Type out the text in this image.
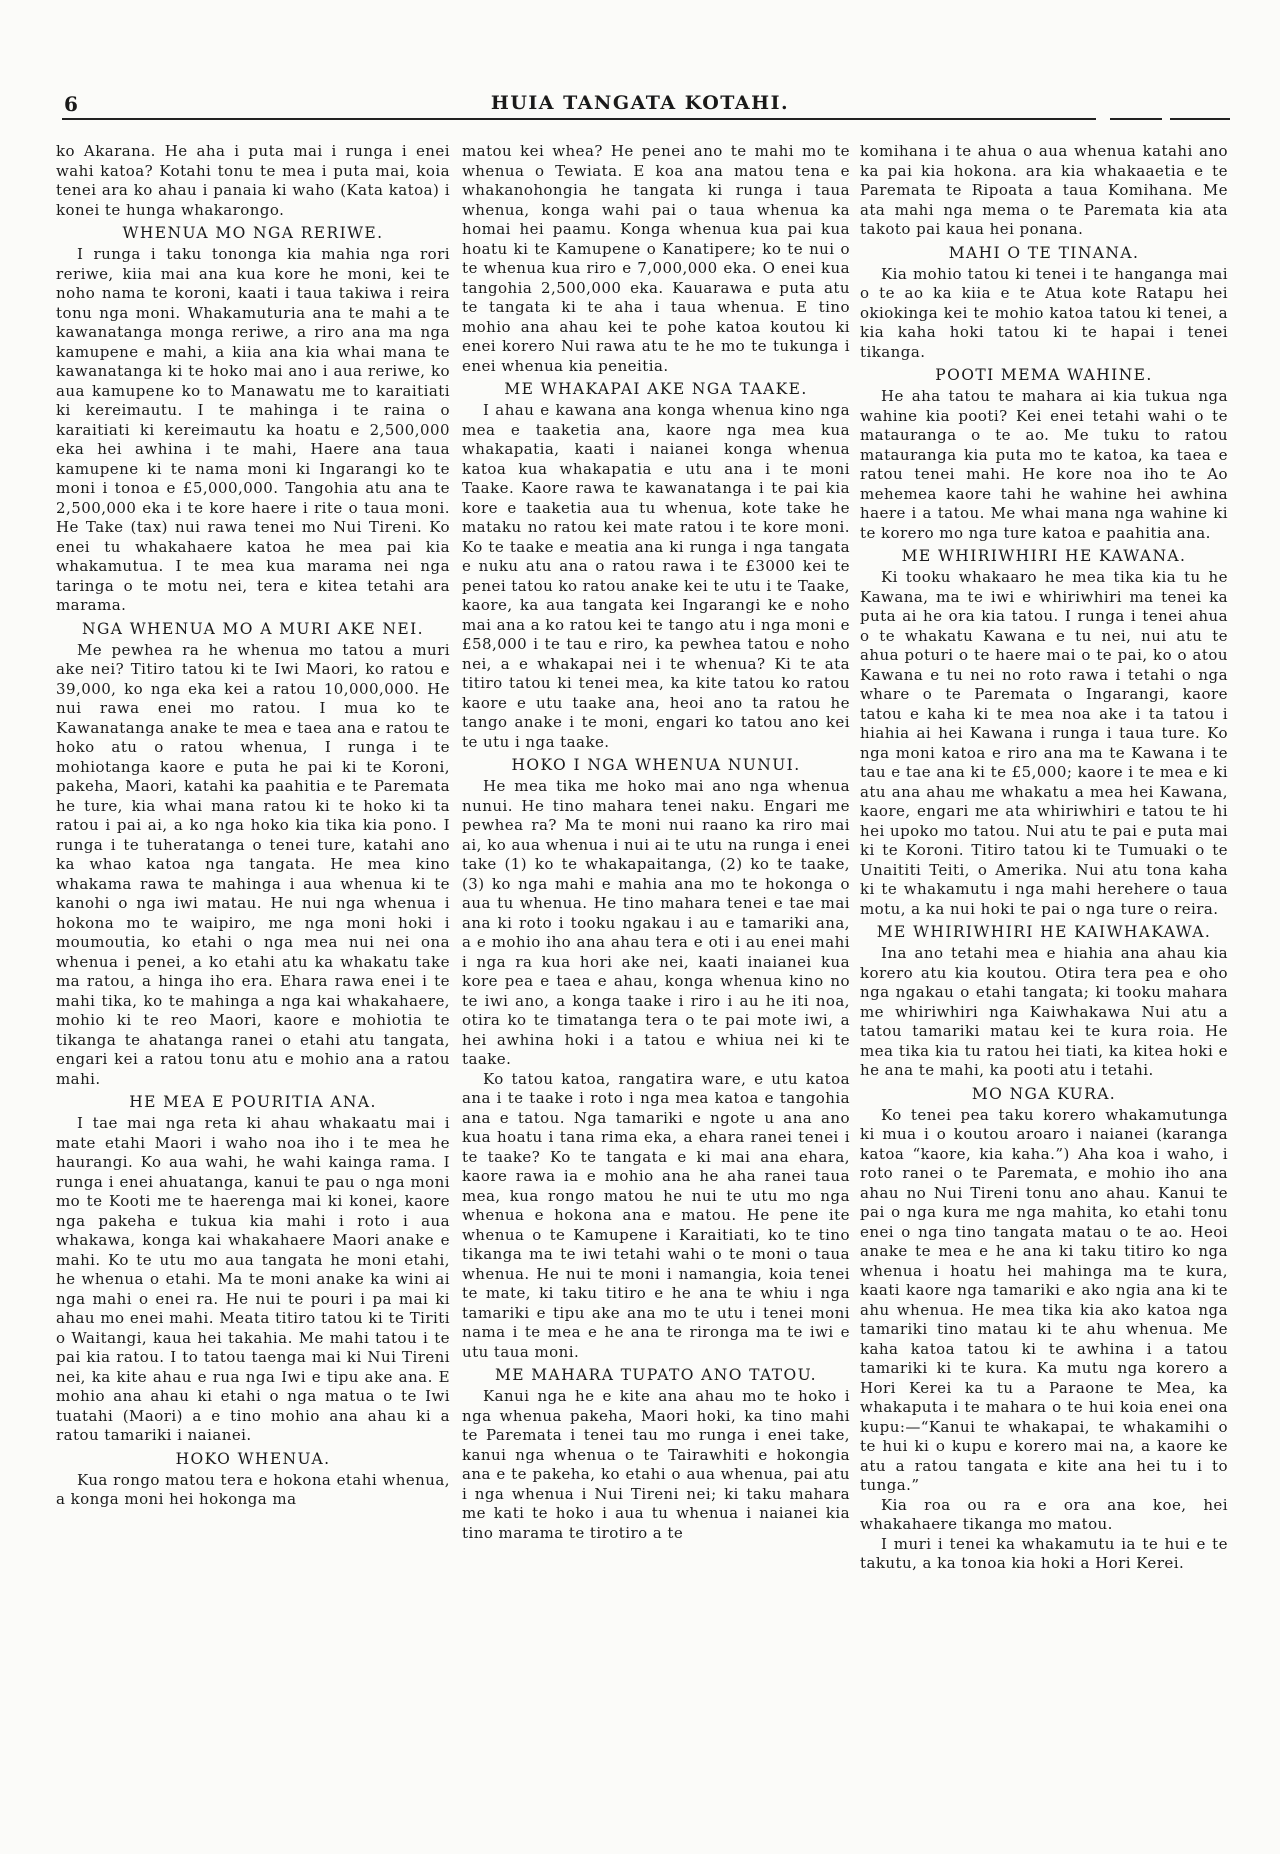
6	HUIA TANGATA KOTAHI.

ko Akarana. He aha i puta mai i runga i enei wahi katoa? Kotahi tonu te mea i puta mai, koia tenei ara ko ahau i panaia ki waho (Kata katoa) i konei te hunga whakarongo.

WHENUA MO NGA RERIWE.

I runga i taku tononga kia mahia nga rori reriwe, kiia mai ana kua kore he moni, kei te noho nama te koroni, kaati i taua takiwa i reira tonu nga moni. Whakamuturia ana te mahi a te kawanatanga monga reriwe, a riro ana ma nga kamupene e mahi, a kiia ana kia whai mana te kawanatanga ki te hoko mai ano i aua reriwe, ko aua kamupene ko to Manawatu me to karaitiati ki kereimautu. I te mahinga i te raina o karaitiati ki kereimautu ka hoatu e 2,500,000 eka hei awhina i te mahi, Haere ana taua kamupene ki te nama moni ki Ingarangi ko te moni i tonoa e £5,000,000. Tangohia atu ana te 2,500,000 eka i te kore haere i rite o taua moni. He Take (tax) nui rawa tenei mo Nui Tireni. Ko enei tu whakahaere katoa he mea pai kia whakamutua. I te mea kua marama nei nga taringa o te motu nei, tera e kitea tetahi ara marama.

NGA WHENUA MO A MURI AKE NEI.

Me pewhea ra he whenua mo tatou a muri ake nei? Titiro tatou ki te Iwi Maori, ko ratou e 39,000, ko nga eka kei a ratou 10,000,000. He nui rawa enei mo ratou. I mua ko te Kawanatanga anake te mea e taea ana e ratou te hoko atu o ratou whenua, I runga i te mohiotanga kaore e puta he pai ki te Koroni, pakeha, Maori, katahi ka paahitia e te Paremata he ture, kia whai mana ratou ki te hoko ki ta ratou i pai ai, a ko nga hoko kia tika kia pono. I runga i te tuheratanga o tenei ture, katahi ano ka whao katoa nga tangata. He mea kino whakama rawa te mahinga i aua whenua ki te kanohi o nga iwi matau. He nui nga whenua i hokona mo te waipiro, me nga moni hoki i moumoutia, ko etahi o nga mea nui nei ona whenua i penei, a ko etahi atu ka whakatu take ma ratou, a hinga iho era. Ehara rawa enei i te mahi tika, ko te mahinga a nga kai whakahaere, mohio ki te reo Maori, kaore e mohiotia te tikanga te ahatanga ranei o etahi atu tangata, engari kei a ratou tonu atu e mohio ana a ratou mahi.

HE MEA E POURITIA ANA.

I tae mai nga reta ki ahau whakaatu mai i mate etahi Maori i waho noa iho i te mea he haurangi. Ko aua wahi, he wahi kainga rama. I runga i enei ahuatanga, kanui te pau o nga moni mo te Kooti me te haerenga mai ki konei, kaore nga pakeha e tukua kia mahi i roto i aua whakawa, konga kai whakahaere Maori anake e mahi. Ko te utu mo aua tangata he moni etahi, he whenua o etahi. Ma te moni anake ka wini ai nga mahi o enei ra. He nui te pouri i pa mai ki ahau mo enei mahi. Meata titiro tatou ki te Tiriti o Waitangi, kaua hei takahia. Me mahi tatou i te pai kia ratou. I to tatou taenga mai ki Nui Tireni nei, ka kite ahau e rua nga Iwi e tipu ake ana. E mohio ana ahau ki etahi o nga matua o te Iwi tuatahi (Maori) a e tino mohio ana ahau ki a ratou tamariki i naianei.

HOKO WHENUA.

Kua rongo matou tera e hokona etahi whenua, a konga moni hei hokonga ma

matou kei whea? He penei ano te mahi mo te whenua o Tewiata. E koa ana matou tena e whakanohongia he tangata ki runga i taua whenua, konga wahi pai o taua whenua ka homai hei paamu. Konga whenua kua pai kua hoatu ki te Kamupene o Kanatipere; ko te nui o te whenua kua riro e 7,000,000 eka. O enei kua tangohia 2,500,000 eka. Kauarawa e puta atu te tangata ki te aha i taua whenua. E tino mohio ana ahau kei te pohe katoa koutou ki enei korero Nui rawa atu te he mo te tukunga i enei whenua kia peneitia.

ME WHAKAPAI AKE NGA TAAKE.

I ahau e kawana ana konga whenua kino nga mea e taaketia ana, kaore nga mea kua whakapatia, kaati i naianei konga whenua katoa kua whakapatia e utu ana i te moni Taake. Kaore rawa te kawanatanga i te pai kia kore e taaketia aua tu whenua, kote take he mataku no ratou kei mate ratou i te kore moni. Ko te taake e meatia ana ki runga i nga tangata e nuku atu ana o ratou rawa i te £3000 kei te penei tatou ko ratou anake kei te utu i te Taake, kaore, ka aua tangata kei Ingarangi ke e noho mai ana a ko ratou kei te tango atu i nga moni e £58,000 i te tau e riro, ka pewhea tatou e noho nei, a e whakapai nei i te whenua? Ki te ata titiro tatou ki tenei mea, ka kite tatou ko ratou kaore e utu taake ana, heoi ano ta ratou he tango anake i te moni, engari ko tatou ano kei te utu i nga taake.

HOKO I NGA WHENUA NUNUI.

He mea tika me hoko mai ano nga whenua nunui. He tino mahara tenei naku. Engari me pewhea ra? Ma te moni nui raano ka riro mai ai, ko aua whenua i nui ai te utu na runga i enei take (1) ko te whakapaitanga, (2) ko te taake, (3) ko nga mahi e mahia ana mo te hokonga o aua tu whenua. He tino mahara tenei e tae mai ana ki roto i tooku ngakau i au e tamariki ana, a e mohio iho ana ahau tera e oti i au enei mahi i nga ra kua hori ake nei, kaati inaianei kua kore pea e taea e ahau, konga whenua kino no te iwi ano, a konga taake i riro i au he iti noa, otira ko te timatanga tera o te pai mote iwi, a hei awhina hoki i a tatou e whiua nei ki te taake.

Ko tatou katoa, rangatira ware, e utu katoa ana i te taake i roto i nga mea katoa e tangohia ana e tatou. Nga tamariki e ngote u ana ano kua hoatu i tana rima eka, a ehara ranei tenei i te taake? Ko te tangata e ki mai ana ehara, kaore rawa ia e mohio ana he aha ranei taua mea, kua rongo matou he nui te utu mo nga whenua e hokona ana e matou. He pene ite whenua o te Kamupene i Karaitiati, ko te tino tikanga ma te iwi tetahi wahi o te moni o taua whenua. He nui te moni i namangia, koia tenei te mate, ki taku titiro e he ana te whiu i nga tamariki e tipu ake ana mo te utu i tenei moni nama i te mea e he ana te rironga ma te iwi e utu taua moni.

ME MAHARA TUPATO ANO TATOU.

Kanui nga he e kite ana ahau mo te hoko i nga whenua pakeha, Maori hoki, ka tino mahi te Paremata i tenei tau mo runga i enei take, kanui nga whenua o te Tairawhiti e hokongia ana e te pakeha, ko etahi o aua whenua, pai atu i nga whenua i Nui Tireni nei; ki taku mahara me kati te hoko i aua tu whenua i naianei kia tino marama te tirotiro a te

komihana i te ahua o aua whenua katahi ano ka pai kia hokona. ara kia whakaaetia e te Paremata te Ripoata a taua Komihana. Me ata mahi nga mema o te Paremata kia ata takoto pai kaua hei ponana.

MAHI O TE TINANA.

Kia mohio tatou ki tenei i te hanganga mai o te ao ka kiia e te Atua kote Ratapu hei okiokinga kei te mohio katoa tatou ki tenei, a kia kaha hoki tatou ki te hapai i tenei tikanga.

POOTI MEMA WAHINE.

He aha tatou te mahara ai kia tukua nga wahine kia pooti? Kei enei tetahi wahi o te matauranga o te ao. Me tuku to ratou matauranga kia puta mo te katoa, ka taea e ratou tenei mahi. He kore noa iho te Ao mehemea kaore tahi he wahine hei awhina haere i a tatou. Me whai mana nga wahine ki te korero mo nga ture katoa e paahitia ana.

ME WHIRIWHIRI HE KAWANA.

Ki tooku whakaaro he mea tika kia tu he Kawana, ma te iwi e whiriwhiri ma tenei ka puta ai he ora kia tatou. I runga i tenei ahua o te whakatu Kawana e tu nei, nui atu te ahua poturi o te haere mai o te pai, ko o atou Kawana e tu nei no roto rawa i tetahi o nga whare o te Paremata o Ingarangi, kaore tatou e kaha ki te mea noa ake i ta tatou i hiahia ai hei Kawana i runga i taua ture. Ko nga moni katoa e riro ana ma te Kawana i te tau e tae ana ki te £5,000; kaore i te mea e ki atu ana ahau me whakatu a mea hei Kawana, kaore, engari me ata whiriwhiri e tatou te hi hei upoko mo tatou. Nui atu te pai e puta mai ki te Koroni. Titiro tatou ki te Tumuaki o te Unaititi Teiti, o Amerika. Nui atu tona kaha ki te whakamutu i nga mahi herehere o taua motu, a ka nui hoki te pai o nga ture o reira.

ME WHIRIWHIRI HE KAIWHAKAWA.

Ina ano tetahi mea e hiahia ana ahau kia korero atu kia koutou. Otira tera pea e oho nga ngakau o etahi tangata; ki tooku mahara me whiriwhiri nga Kaiwhakawa Nui atu a tatou tamariki matau kei te kura roia. He mea tika kia tu ratou hei tiati, ka kitea hoki e he ana te mahi, ka pooti atu i tetahi.

MO NGA KURA.

Ko tenei pea taku korero whakamutunga ki mua i o koutou aroaro i naianei (karanga katoa “kaore, kia kaha.”) Aha koa i waho, i roto ranei o te Paremata, e mohio iho ana ahau no Nui Tireni tonu ano ahau. Kanui te pai o nga kura me nga mahita, ko etahi tonu enei o nga tino tangata matau o te ao. Heoi anake te mea e he ana ki taku titiro ko nga whenua i hoatu hei mahinga ma te kura, kaati kaore nga tamariki e ako ngia ana ki te ahu whenua. He mea tika kia ako katoa nga tamariki tino matau ki te ahu whenua. Me kaha katoa tatou ki te awhina i a tatou tamariki ki te kura. Ka mutu nga korero a Hori Kerei ka tu a Paraone te Mea, ka whakaputa i te mahara o te hui koia enei ona kupu:—“Kanui te whakapai, te whakamihi o te hui ki o kupu e korero mai na, a kaore ke atu a ratou tangata e kite ana hei tu i to tunga.”

Kia roa ou ra e ora ana koe, hei whakahaere tikanga mo matou.

I muri i tenei ka whakamutu ia te hui e te takutu, a ka tonoa kia hoki a Hori Kerei.
